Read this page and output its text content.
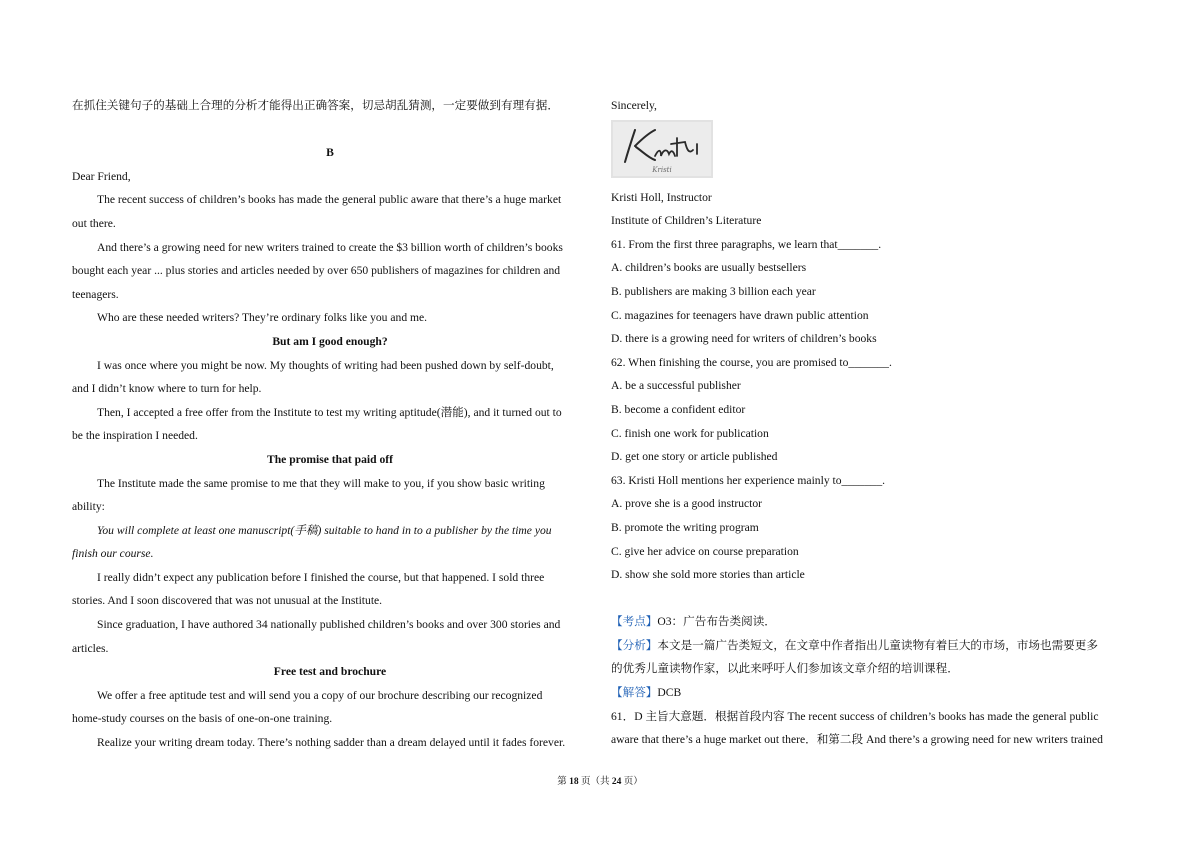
在抓住关键句子的基础上合理的分析才能得出正确答案，切忌胡乱猜测，一定要做到有理有据．
B
Dear Friend,
The recent success of children’s books has made the general public aware that there’s a huge market
out there.
And there’s a growing need for new writers trained to create the $3 billion worth of children’s books
bought each year ... plus stories and articles needed by over 650 publishers of magazines for children and
teenagers.
Who are these needed writers? They’re ordinary folks like you and me.
But am I good enough?
I was once where you might be now. My thoughts of writing had been pushed down by self-doubt,
and I didn’t know where to turn for help.
Then, I accepted a free offer from the Institute to test my writing aptitude(潜能), and it turned out to
be the inspiration I needed.
The promise that paid off
The Institute made the same promise to me that they will make to you, if you show basic writing
ability:
You will complete at least one manuscript(手稿) suitable to hand in to a publisher by the time you
finish our course.
I really didn’t expect any publication before I finished the course, but that happened. I sold three
stories. And I soon discovered that was not unusual at the Institute.
Since graduation, I have authored 34 nationally published children’s books and over 300 stories and
articles.
Free test and brochure
We offer a free aptitude test and will send you a copy of our brochure describing our recognized
home-study courses on the basis of one-on-one training.
Realize your writing dream today. There’s nothing sadder than a dream delayed until it fades forever.
Sincerely,
Kristi
Kristi Holl, Instructor
Institute of Children’s Literature
61. From the first three paragraphs, we learn that_______.
A. children’s books are usually bestsellers
B. publishers are making 3 billion each year
C. magazines for teenagers have drawn public attention
D. there is a growing need for writers of children’s books
62. When finishing the course, you are promised to_______.
A. be a successful publisher
B. become a confident editor
C. finish one work for publication
D. get one story or article published
63. Kristi Holl mentions her experience mainly to_______.
A. prove she is a good instructor
B. promote the writing program
C. give her advice on course preparation
D. show she sold more stories than article
【考点】O3：广告布告类阅读．
【分析】本文是一篇广告类短文，在文章中作者指出儿童读物有着巨大的市场，市场也需要更多
的优秀儿童读物作家，以此来呼吁人们参加该文章介绍的培训课程．
【解答】DCB
61．D 主旨大意题．根据首段内容 The recent success of children’s books has made the general public
aware that there’s a huge market out there．和第二段 And there’s a growing need for new writers trained
第 18 页（共 24 页）
